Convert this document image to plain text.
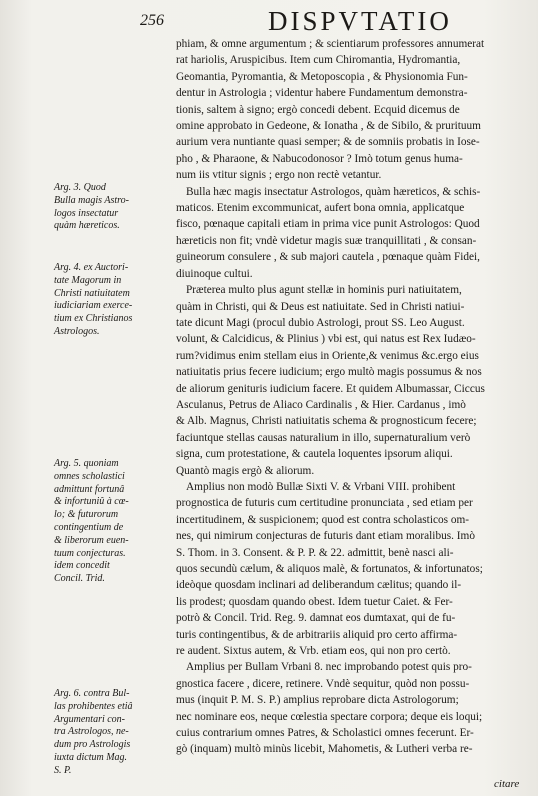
256	DISPVTATIO
phiam, & omne argumentum ; & scientiarum professores annumerat
rat hariolis, Aruspicibus. Item cum Chiromantia, Hydromantia,
Geomantia, Pyromantia, & Metoposcopia , & Physionomia Fun-
dentur in Astrologia ; videntur habere Fundamentum demonstra-
tionis, saltem à signo; ergò concedi debent. Ecquid dicemus de
omine approbato in Gedeone, & Ionatha , & de Sibilo, & prurituum
aurium vera nuntiante quasi semper; & de somniis probatis in Iose-
pho , & Pharaone, & Nabucodonosor ? Imò totum genus huma-
num iis vtitur signis ; ergo non rectè vetantur.
Bulla hæc magis insectatur Astrologos, quàm hæreticos, & schis-
maticos. Etenim excommunicat, aufert bona omnia, applicatque
fisco, pœnaque capitali etiam in prima vice punit Astrologos: Quod
hæreticis non fit; vndè videtur magis suæ tranquillitati , & consan-
guineorum consulere , & sub majori cautela , pœnaque quàm Fidei,
diuinoque cultui.
Præterea multo plus agunt stellæ in hominis puri natiuitatem,
quàm in Christi, qui & Deus est natiuitate. Sed in Christi natiui-
tate dicunt Magi (procul dubio Astrologi, prout SS. Leo August.
volunt, & Calcidicus, & Plinius ) vbi est, qui natus est Rex Iudæo-
rum?vidimus enim stellam eius in Oriente,& venimus &c.ergo eius
natiuitatis prius fecere iudicium; ergo multò magis possumus & nos
de aliorum genituris iudicium facere. Et quidem Albumassar, Ciccus
Asculanus, Petrus de Aliaco Cardinalis , & Hier. Cardanus , imò
& Alb. Magnus, Christi natiuitatis schema & prognosticum fecere;
faciuntque stellas causas naturalium in illo, supernaturalium verò
signa, cum protestatione, & cautela loquentes ipsorum aliqui.
Quantò magis ergò & aliorum.
Amplius non modò Bullæ Sixti V. & Vrbani VIII. prohibent
prognostica de futuris cum certitudine pronunciata , sed etiam per
incertitudinem, & suspicionem; quod est contra scholasticos om-
nes, qui nimirum conjecturas de futuris dant etiam moralibus. Imò
S. Thom. in 3. Consent. & P. P. & 22. admittit, benè nasci ali-
quos secundù cælum, & aliquos malè, & fortunatos, & infortunatos;
ideòque quosdam inclinari ad deliberandum cælitus; quando il-
lis prodest; quosdam quando obest. Idem tuetur Caiet. & Fer-
potrò & Concil. Trid. Reg. 9. damnat eos dumtaxat, qui de fu-
turis contingentibus, & de arbitrariis aliquid pro certo affirma-
re audent. Sixtus autem, & Vrb. etiam eos, qui non pro certò.
Amplius per Bullam Vrbani 8. nec improbando potest quis pro-
gnostica facere , dicere, retinere. Vndè sequitur, quòd non possu-
mus (inquit P. M. S. P.) amplius reprobare dicta Astrologorum;
nec nominare eos, neque cœlestia spectare corpora; deque eis loqui;
cuius contrarium omnes Patres, & Scholastici omnes fecerunt. Er-
gò (inquam) multò minùs licebit, Mahometis, & Lutheri verba re-
citare
Arg. 3. Quod
Bulla magis Astro-
logos insectatur
quàm hæreticos.
Arg. 4. ex Auctori-
tate Magorum in
Christi natiuitatem
iudiciariam exerce-
tium ex Christianos
Astrologos.
Arg. 5. quoniam
omnes scholastici
admittunt fortunâ
& infortuniû à cœ-
lo; & futurorum
contingentium de
& liberorum euen-
tuum conjecturas.
idem concedit
Concil. Trid.
Arg. 6. contra Bul-
las prohibentes etiâ
Argumentari con-
tra Astrologos, ne-
dum pro Astrologis
iuxta dictum Mag.
S. P.
